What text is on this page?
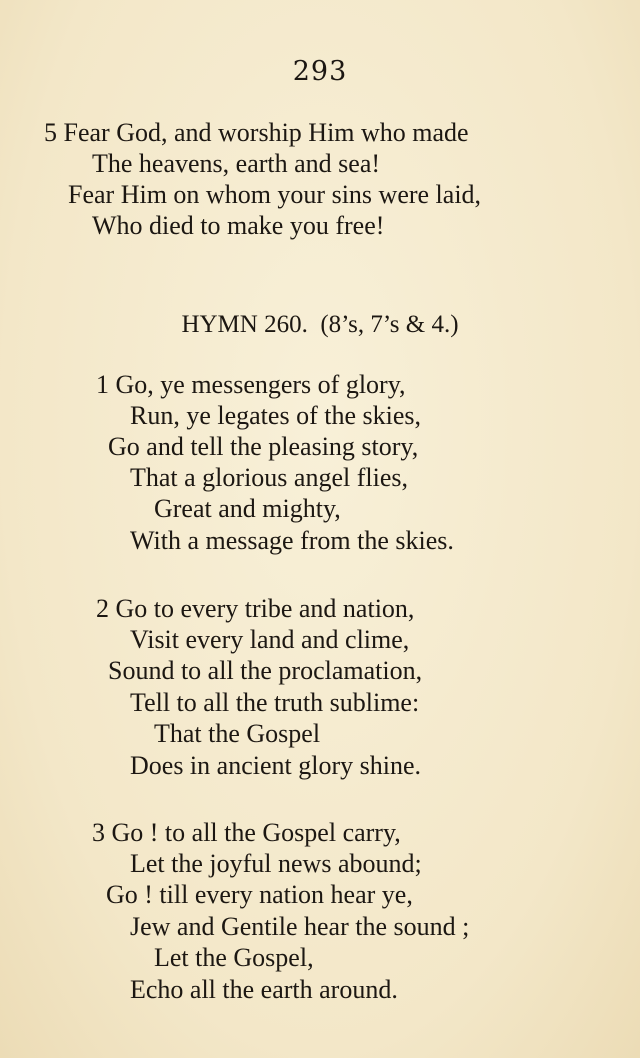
293
5 Fear God, and worship Him who made
The heavens, earth and sea!
Fear Him on whom your sins were laid,
Who died to make you free!
HYMN 260. (8’s, 7’s & 4.)
1 Go, ye messengers of glory,
Run, ye legates of the skies,
Go and tell the pleasing story,
That a glorious angel flies,
Great and mighty,
With a message from the skies.
2 Go to every tribe and nation,
Visit every land and clime,
Sound to all the proclamation,
Tell to all the truth sublime:
That the Gospel
Does in ancient glory shine.
3 Go ! to all the Gospel carry,
Let the joyful news abound;
Go ! till every nation hear ye,
Jew and Gentile hear the sound ;
Let the Gospel,
Echo all the earth around.
